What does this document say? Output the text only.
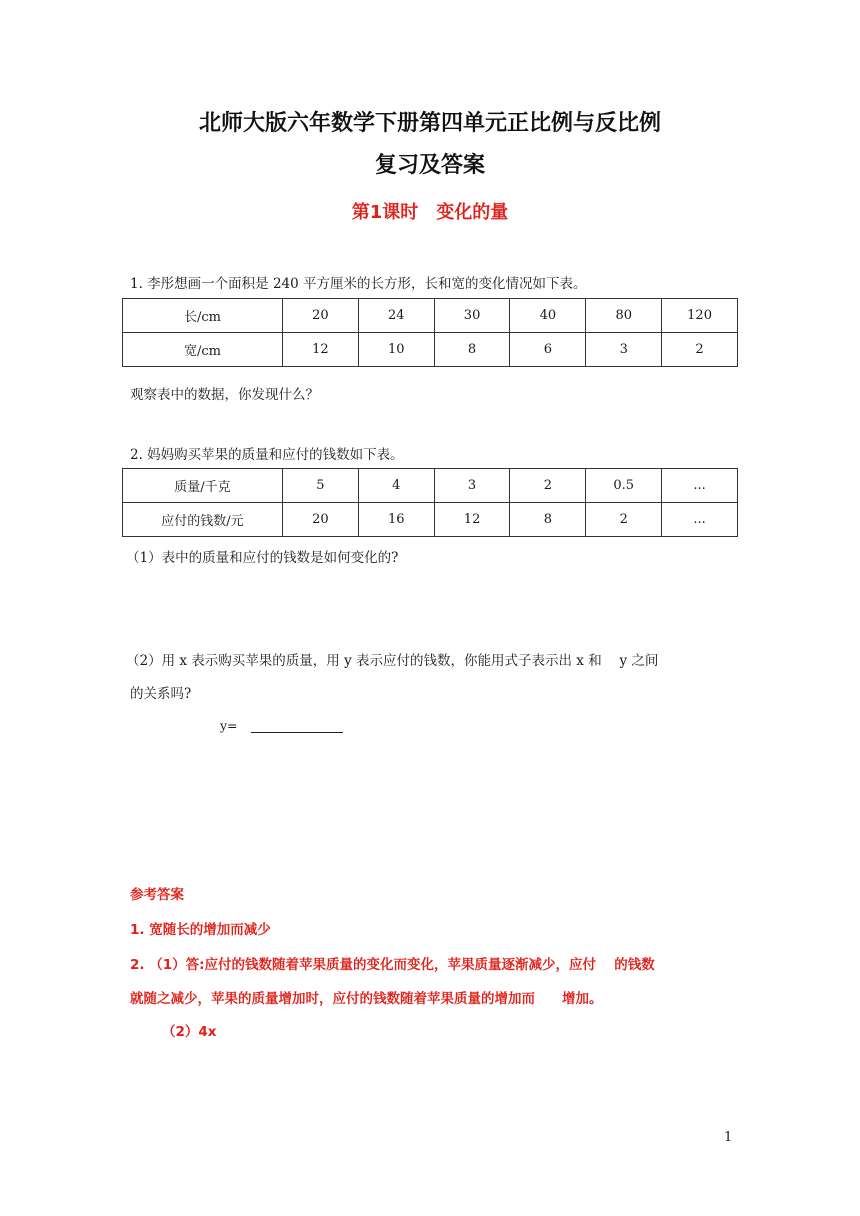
北师大版六年数学下册第四单元正比例与反比例
复习及答案
第1课时　变化的量
1. 李彤想画一个面积是 240 平方厘米的长方形，长和宽的变化情况如下表。
长/cm	20	24	30	40	80	120
宽/cm	12	10	8	6	3	2
观察表中的数据，你发现什么？
2. 妈妈购买苹果的质量和应付的钱数如下表。
质量/千克	5	4	3	2	0.5	...
应付的钱数/元	20	16	12	8	2	...
（1）表中的质量和应付的钱数是如何变化的?
（2）用 x 表示购买苹果的质量，用 y 表示应付的钱数，你能用式子表示出 x 和　 y 之间
的关系吗?
y=
参考答案
1. 宽随长的增加而减少
2. （1）答:应付的钱数随着苹果质量的变化而变化，苹果质量逐渐减少，应付　 的钱数
就随之减少，苹果的质量增加时，应付的钱数随着苹果质量的增加而　　增加。
（2）4x
1
